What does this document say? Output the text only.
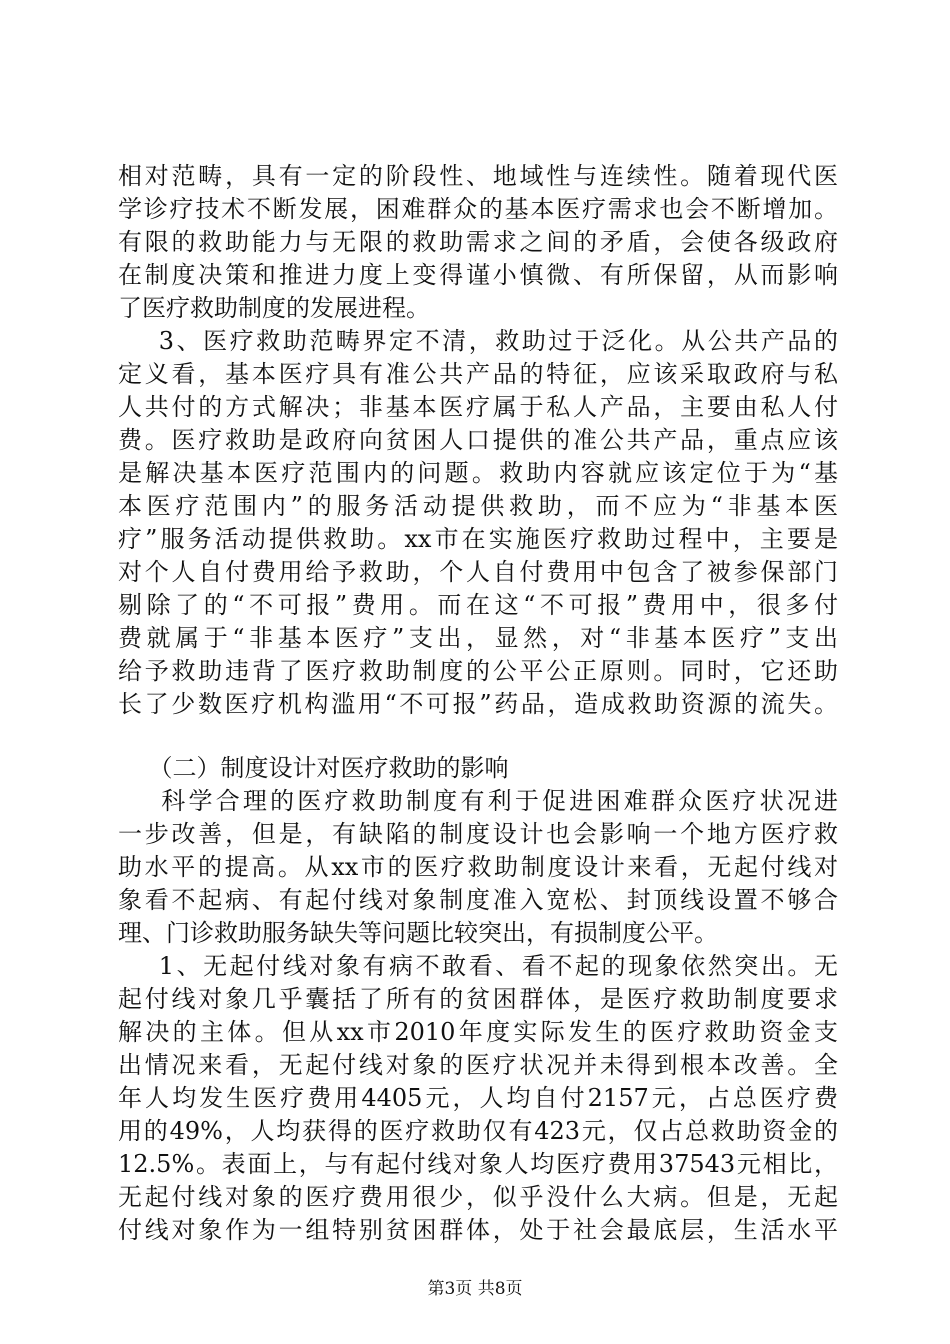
相对范畴，具有一定的阶段性、地域性与连续性。随着现代医
学诊疗技术不断发展，困难群众的基本医疗需求也会不断增加。
有限的救助能力与无限的救助需求之间的矛盾，会使各级政府
在制度决策和推进力度上变得谨小慎微、有所保留，从而影响
了医疗救助制度的发展进程。
3、医疗救助范畴界定不清，救助过于泛化。从公共产品的
定义看，基本医疗具有准公共产品的特征，应该采取政府与私
人共付的方式解决；非基本医疗属于私人产品，主要由私人付
费。医疗救助是政府向贫困人口提供的准公共产品，重点应该
是解决基本医疗范围内的问题。救助内容就应该定位于为“基
本医疗范围内”的服务活动提供救助，而不应为“非基本医
疗”服务活动提供救助。xx市在实施医疗救助过程中，主要是
对个人自付费用给予救助，个人自付费用中包含了被参保部门
剔除了的“不可报”费用。而在这“不可报”费用中，很多付
费就属于“非基本医疗”支出，显然，对“非基本医疗”支出
给予救助违背了医疗救助制度的公平公正原则。同时，它还助
长了少数医疗机构滥用“不可报”药品，造成救助资源的流失。
（二）制度设计对医疗救助的影响
科学合理的医疗救助制度有利于促进困难群众医疗状况进
一步改善，但是，有缺陷的制度设计也会影响一个地方医疗救
助水平的提高。从xx市的医疗救助制度设计来看，无起付线对
象看不起病、有起付线对象制度准入宽松、封顶线设置不够合
理、门诊救助服务缺失等问题比较突出，有损制度公平。
1、无起付线对象有病不敢看、看不起的现象依然突出。无
起付线对象几乎囊括了所有的贫困群体，是医疗救助制度要求
解决的主体。但从xx市2010年度实际发生的医疗救助资金支
出情况来看，无起付线对象的医疗状况并未得到根本改善。全
年人均发生医疗费用4405元，人均自付2157元，占总医疗费
用的49%，人均获得的医疗救助仅有423元，仅占总救助资金的
12.5%。表面上，与有起付线对象人均医疗费用37543元相比，
无起付线对象的医疗费用很少，似乎没什么大病。但是，无起
付线对象作为一组特别贫困群体，处于社会最底层，生活水平
第3页 共8页
